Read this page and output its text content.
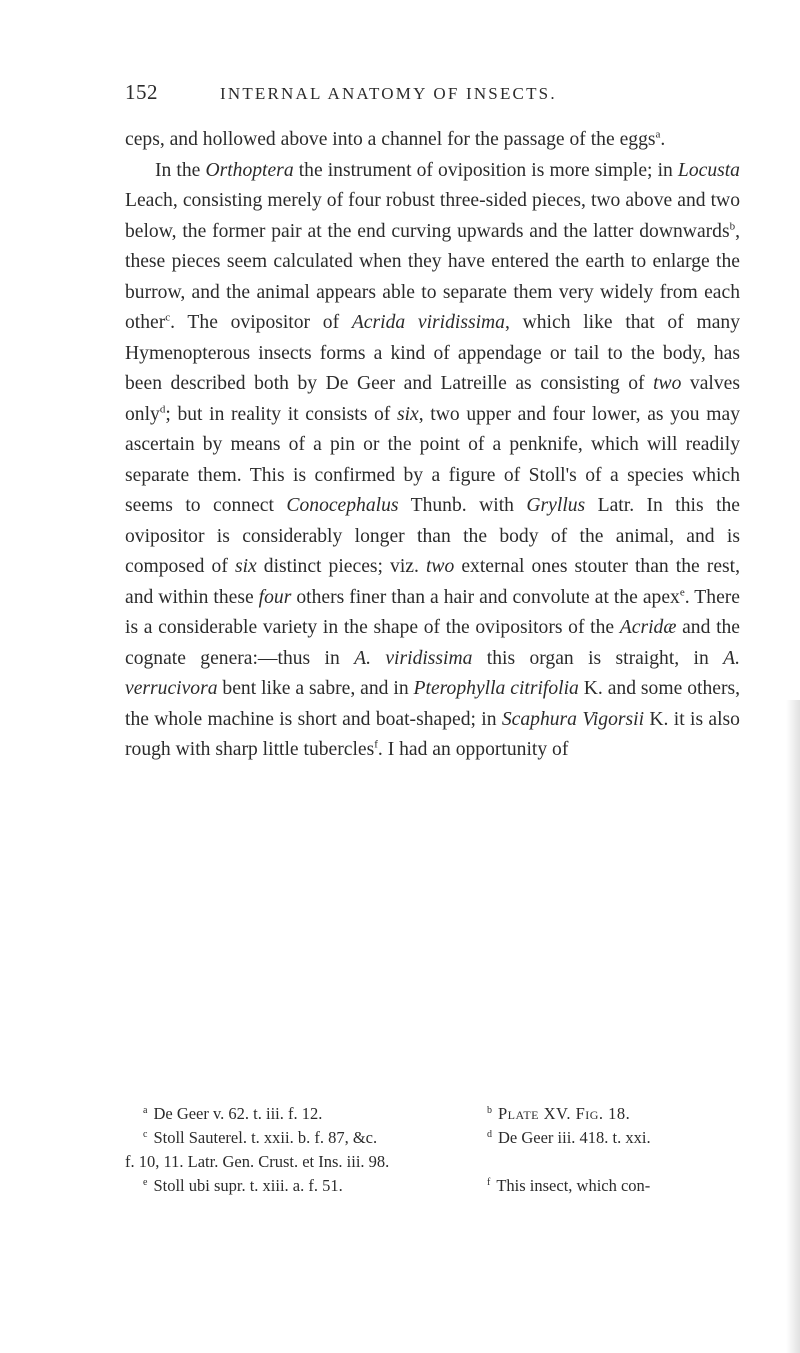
152	INTERNAL ANATOMY OF INSECTS.

ceps, and hollowed above into a channel for the passage of the eggs$^a$.

In the Orthoptera the instrument of oviposition is more simple; in Locusta Leach, consisting merely of four robust three-sided pieces, two above and two below, the former pair at the end curving upwards and the latter downwards$^b$, these pieces seem calculated when they have entered the earth to enlarge the burrow, and the animal appears able to separate them very widely from each other$^c$. The ovipositor of Acrida viridissima, which like that of many Hymenopterous insects forms a kind of appendage or tail to the body, has been described both by De Geer and Latreille as consisting of two valves only$^d$; but in reality it consists of six, two upper and four lower, as you may ascertain by means of a pin or the point of a penknife, which will readily separate them. This is confirmed by a figure of Stoll's of a species which seems to connect Conocephalus Thunb. with Gryllus Latr. In this the ovipositor is considerably longer than the body of the animal, and is composed of six distinct pieces; viz. two external ones stouter than the rest, and within these four others finer than a hair and convolute at the apex$^e$. There is a considerable variety in the shape of the ovipositors of the Acridæ and the cognate genera:—thus in A. viridissima this organ is straight, in A. verrucivora bent like a sabre, and in Pterophylla citrifolia K. and some others, the whole machine is short and boat-shaped; in Scaphura Vigorsii K. it is also rough with sharp little tubercles$^f$. I had an opportunity of

$^a$ De Geer v. 62. t. iii. f. 12.	$^b$ Plate XV. Fig. 18.
$^c$ Stoll Sauterel. t. xxii. b. f. 87, &c.	$^d$ De Geer iii. 418. t. xxi.
f. 10, 11. Latr. Gen. Crust. et Ins. iii. 98.
$^e$ Stoll ubi supr. t. xiii. a. f. 51.	$^f$ This insect, which con-
